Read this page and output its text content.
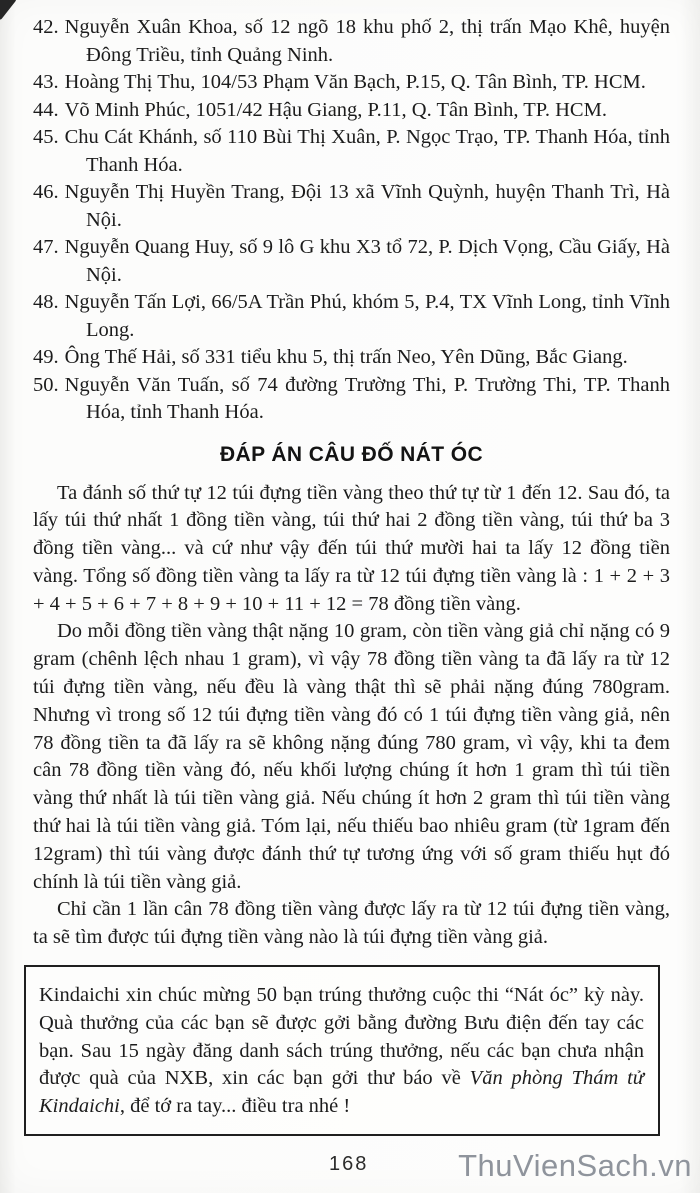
42. Nguyễn Xuân Khoa, số 12 ngõ 18 khu phố 2, thị trấn Mạo Khê, huyện Đông Triều, tỉnh Quảng Ninh.
43. Hoàng Thị Thu, 104/53 Phạm Văn Bạch, P.15, Q. Tân Bình, TP. HCM.
44. Võ Minh Phúc, 1051/42 Hậu Giang, P.11, Q. Tân Bình, TP. HCM.
45. Chu Cát Khánh, số 110 Bùi Thị Xuân, P. Ngọc Trạo, TP. Thanh Hóa, tỉnh Thanh Hóa.
46. Nguyễn Thị Huyền Trang, Đội 13 xã Vĩnh Quỳnh, huyện Thanh Trì, Hà Nội.
47. Nguyễn Quang Huy, số 9 lô G khu X3 tổ 72, P. Dịch Vọng, Cầu Giấy, Hà Nội.
48. Nguyễn Tấn Lợi, 66/5A Trần Phú, khóm 5, P.4, TX Vĩnh Long, tỉnh Vĩnh Long.
49. Ông Thế Hải, số 331 tiểu khu 5, thị trấn Neo, Yên Dũng, Bắc Giang.
50. Nguyễn Văn Tuấn, số 74 đường Trường Thi, P. Trường Thi, TP. Thanh Hóa, tỉnh Thanh Hóa.
ĐÁP ÁN CÂU ĐỐ NÁT ÓC

Ta đánh số thứ tự 12 túi đựng tiền vàng theo thứ tự từ 1 đến 12. Sau đó, ta lấy túi thứ nhất 1 đồng tiền vàng, túi thứ hai 2 đồng tiền vàng, túi thứ ba 3 đồng tiền vàng... và cứ như vậy đến túi thứ mười hai ta lấy 12 đồng tiền vàng. Tổng số đồng tiền vàng ta lấy ra từ 12 túi đựng tiền vàng là : 1 + 2 + 3 + 4 + 5 + 6 + 7 + 8 + 9 + 10 + 11 + 12 = 78 đồng tiền vàng.

Do mỗi đồng tiền vàng thật nặng 10 gram, còn tiền vàng giả chỉ nặng có 9 gram (chênh lệch nhau 1 gram), vì vậy 78 đồng tiền vàng ta đã lấy ra từ 12 túi đựng tiền vàng, nếu đều là vàng thật thì sẽ phải nặng đúng 780gram. Nhưng vì trong số 12 túi đựng tiền vàng đó có 1 túi đựng tiền vàng giả, nên 78 đồng tiền ta đã lấy ra sẽ không nặng đúng 780 gram, vì vậy, khi ta đem cân 78 đồng tiền vàng đó, nếu khối lượng chúng ít hơn 1 gram thì túi tiền vàng thứ nhất là túi tiền vàng giả. Nếu chúng ít hơn 2 gram thì túi tiền vàng thứ hai là túi tiền vàng giả. Tóm lại, nếu thiếu bao nhiêu gram (từ 1gram đến 12gram) thì túi vàng được đánh thứ tự tương ứng với số gram thiếu hụt đó chính là túi tiền vàng giả.

Chỉ cần 1 lần cân 78 đồng tiền vàng được lấy ra từ 12 túi đựng tiền vàng, ta sẽ tìm được túi đựng tiền vàng nào là túi đựng tiền vàng giả.

Kindaichi xin chúc mừng 50 bạn trúng thưởng cuộc thi “Nát óc” kỳ này. Quà thưởng của các bạn sẽ được gởi bằng đường Bưu điện đến tay các bạn. Sau 15 ngày đăng danh sách trúng thưởng, nếu các bạn chưa nhận được quà của NXB, xin các bạn gởi thư báo về Văn phòng Thám tử Kindaichi, để tớ ra tay... điều tra nhé !
168	ThuVienSach.vn
